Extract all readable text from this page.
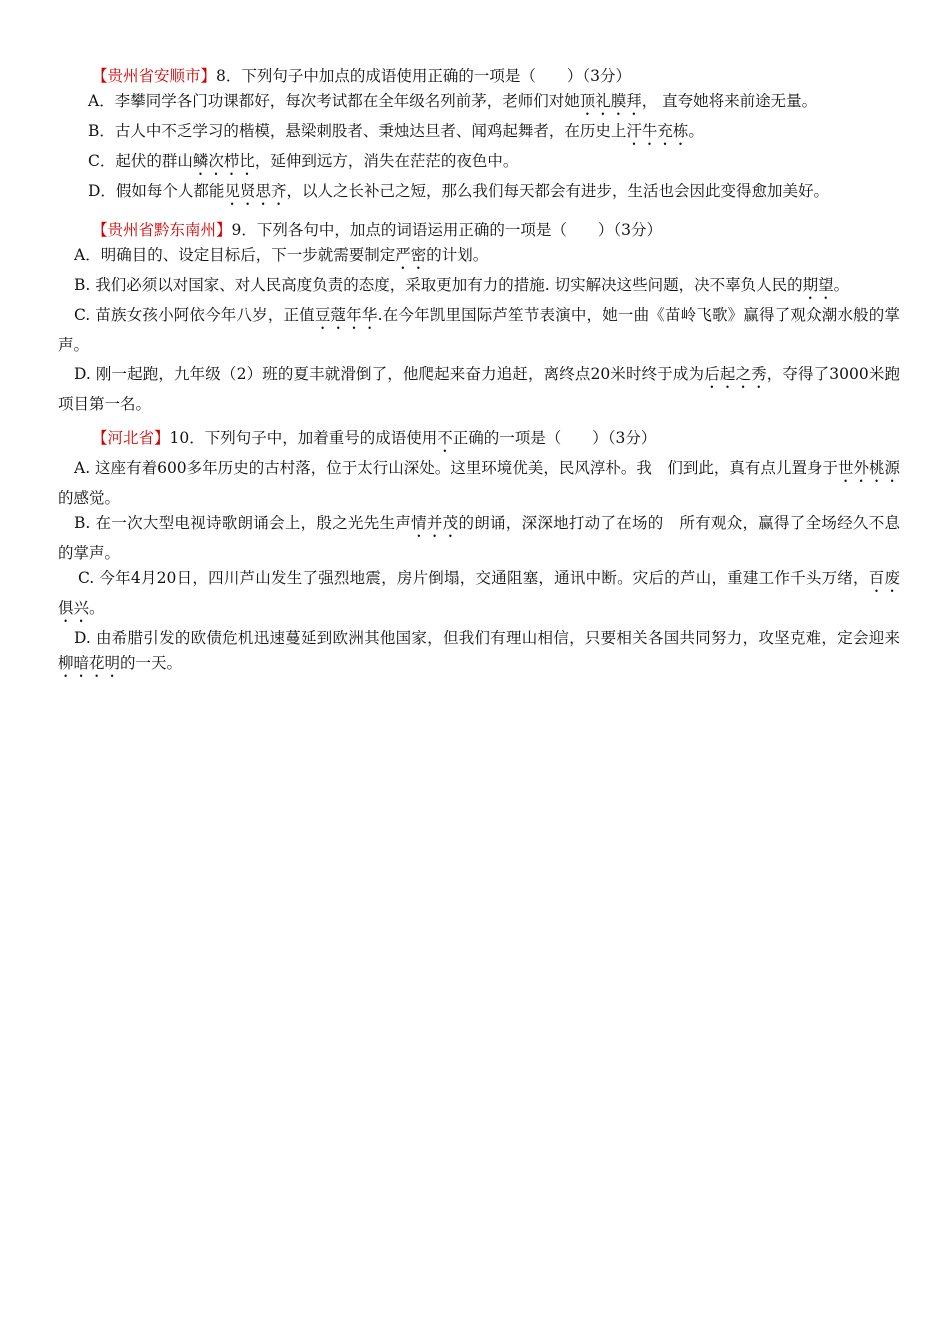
【贵州省安顺市】8．下列句子中加点的成语使用正确的一项是（　　）（3分）
A．李攀同学各门功课都好，每次考试都在全年级名列前茅，老师们对她顶礼膜拜， 直夸她将来前途无量。
B．古人中不乏学习的楷模，悬梁刺股者、秉烛达旦者、闻鸡起舞者，在历史上汗牛充栋。
C．起伏的群山鳞次栉比，延伸到远方，消失在茫茫的夜色中。
D．假如每个人都能见贤思齐，以人之长补己之短，那么我们每天都会有进步，生活也会因此变得愈加美好。
【贵州省黔东南州】9．下列各句中，加点的词语运用正确的一项是（　　）（3分）
A．明确目的、设定目标后，下一步就需要制定严密的计划。
B. 我们必须以对国家、对人民高度负责的态度，采取更加有力的措施. 切实解决这些问题，决不辜负人民的期望。
C. 苗族女孩小阿依今年八岁，正值豆蔻年华.在今年凯里国际芦笙节表演中，她一曲《苗岭飞歌》赢得了观众潮水般的掌声。
D. 刚一起跑，九年级（2）班的夏丰就滑倒了，他爬起来奋力追赶，离终点20米时终于成为后起之秀，夺得了3000米跑项目第一名。
【河北省】10．下列句子中，加着重号的成语使用不正确的一项是（　　）（3分）
A. 这座有着600多年历史的古村落，位于太行山深处。这里环境优美，民风淳朴。我　们到此，真有点儿置身于世外桃源的感觉。
B. 在一次大型电视诗歌朗诵会上，殷之光先生声情并茂的朗诵，深深地打动了在场的　所有观众，赢得了全场经久不息的掌声。
C. 今年4月20日，四川芦山发生了强烈地震，房片倒塌，交通阻塞，通讯中断。灾后的芦山，重建工作千头万绪，百废俱兴。
D. 由希腊引发的欧债危机迅速蔓延到欧洲其他国家，但我们有理山相信，只要相关各国共同努力，攻坚克难，定会迎来柳暗花明的一天。
